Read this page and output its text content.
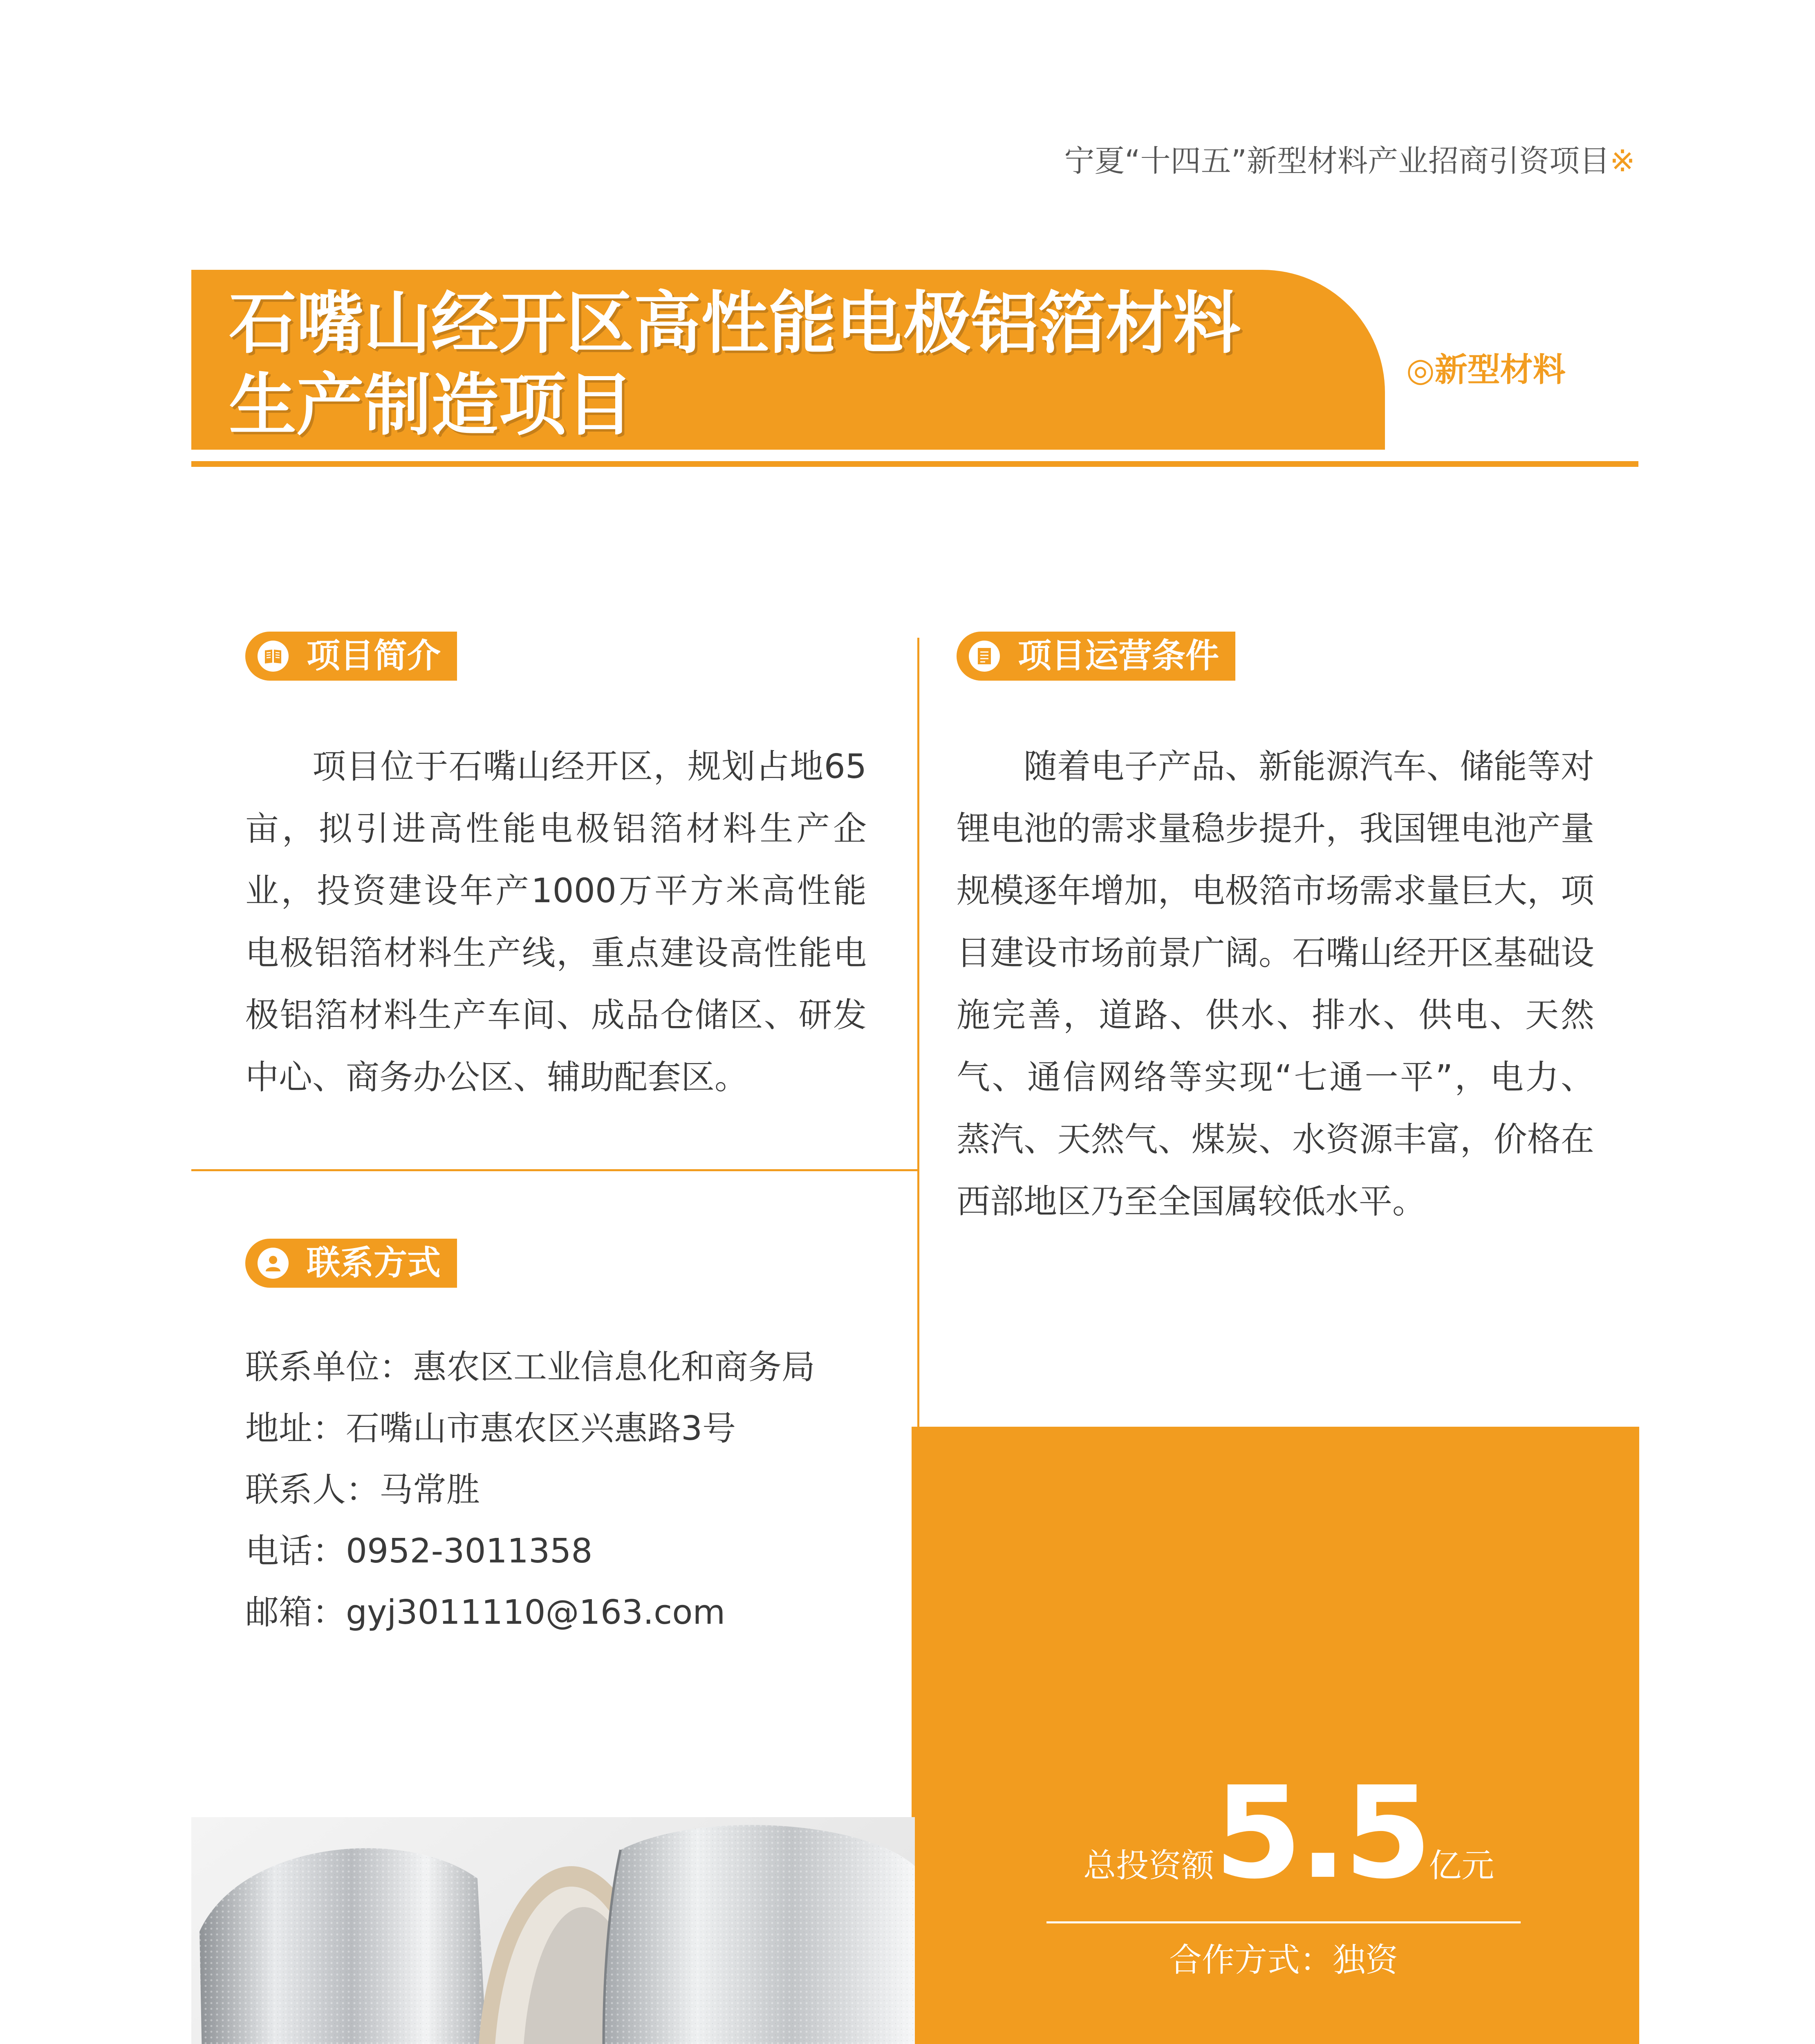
宁夏“十四五”新型材料产业招商引资项目※
石嘴山经开区高性能电极铝箔材料
生产制造项目	◎新型材料
项目简介
项目位于石嘴山经开区，规划占地65亩，拟引进高性能电极铝箔材料生产企业，投资建设年产1000万平方米高性能电极铝箔材料生产线，重点建设高性能电极铝箔材料生产车间、成品仓储区、研发中心、商务办公区、辅助配套区。
项目运营条件
随着电子产品、新能源汽车、储能等对锂电池的需求量稳步提升，我国锂电池产量规模逐年增加，电极箔市场需求量巨大，项目建设市场前景广阔。石嘴山经开区基础设施完善，道路、供水、排水、供电、天然气、通信网络等实现“七通一平”，电力、蒸汽、天然气、煤炭、水资源丰富，价格在西部地区乃至全国属较低水平。
联系方式
联系单位：惠农区工业信息化和商务局
地址：石嘴山市惠农区兴惠路3号
联系人：马常胜
电话：0952-3011358
邮箱：gyj3011110@163.com
总投资额5.5亿元
合作方式：独资
